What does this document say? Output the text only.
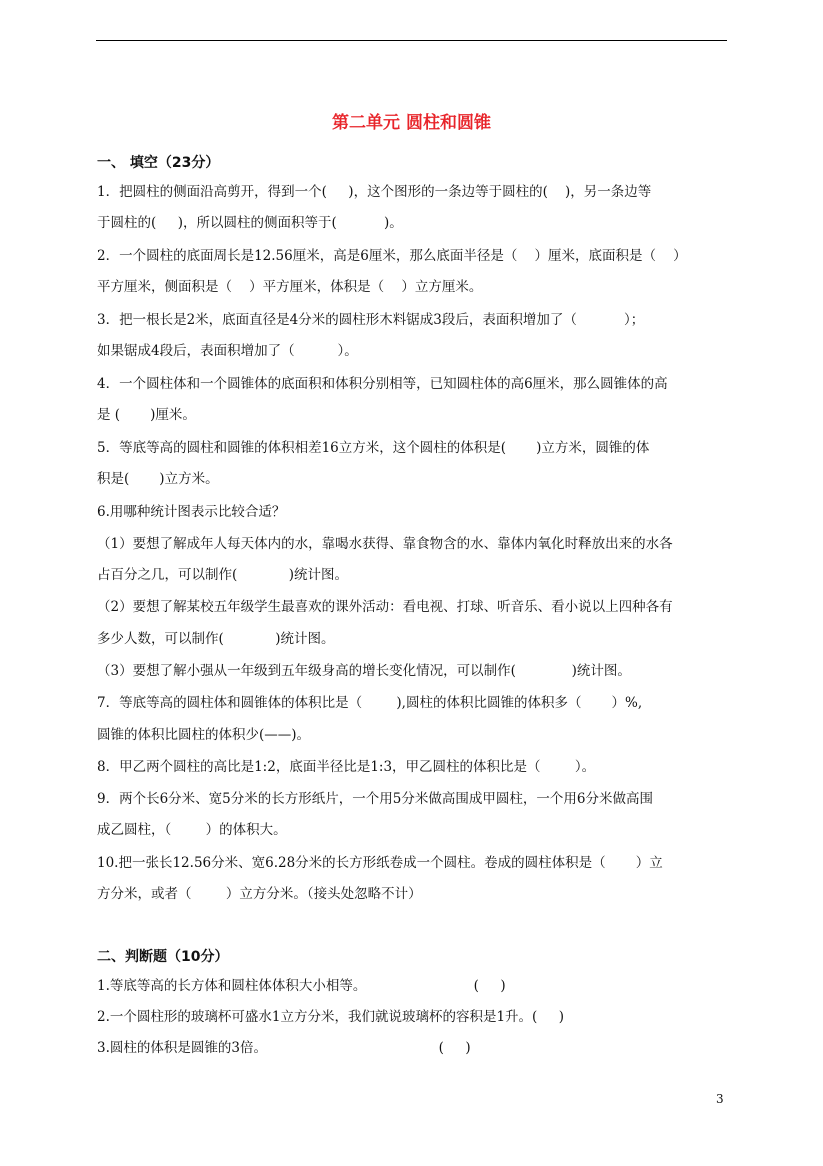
第二单元 圆柱和圆锥
一、 填空（23分）
1．把圆柱的侧面沿高剪开，得到一个(     )，这个图形的一条边等于圆柱的(    )，另一条边等
于圆柱的(     )，所以圆柱的侧面积等于(           )。
2．一个圆柱的底面周长是12.56厘米，高是6厘米，那么底面半径是（    ）厘米，底面积是（    ）
平方厘米，侧面积是（    ）平方厘米，体积是（    ）立方厘米。
3．把一根长是2米，底面直径是4分米的圆柱形木料锯成3段后，表面积增加了（           ）；
如果锯成4段后，表面积增加了（          ）。
4．一个圆柱体和一个圆锥体的底面积和体积分别相等，已知圆柱体的高6厘米，那么圆锥体的高
是 (       )厘米。
5．等底等高的圆柱和圆锥的体积相差16立方米，这个圆柱的体积是(       )立方米，圆锥的体
积是(       )立方米。
6.用哪种统计图表示比较合适？
（1）要想了解成年人每天体内的水，靠喝水获得、靠食物含的水、靠体内氧化时释放出来的水各
占百分之几，可以制作(            )统计图。
（2）要想了解某校五年级学生最喜欢的课外活动：看电视、打球、听音乐、看小说以上四种各有
多少人数，可以制作(            )统计图。
（3）要想了解小强从一年级到五年级身高的增长变化情况，可以制作(             )统计图。
7．等底等高的圆柱体和圆锥体的体积比是（        ),圆柱的体积比圆锥的体积多（       ）%,
圆锥的体积比圆柱的体积少(——)。
8．甲乙两个圆柱的高比是1:2，底面半径比是1:3，甲乙圆柱的体积比是（        ）。
9．两个长6分米、宽5分米的长方形纸片，一个用5分米做高围成甲圆柱，一个用6分米做高围
成乙圆柱，（        ）的体积大。
10.把一张长12.56分米、宽6.28分米的长方形纸卷成一个圆柱。卷成的圆柱体积是（       ）立
方分米，或者（        ）立方分米。（接头处忽略不计）
二、判断题（10分）
1.等底等高的长方体和圆柱体体积大小相等。                         (     )
2.一个圆柱形的玻璃杯可盛水1立方分米，我们就说玻璃杯的容积是1升。(     )
3.圆柱的体积是圆锥的3倍。                                        (     )
3
